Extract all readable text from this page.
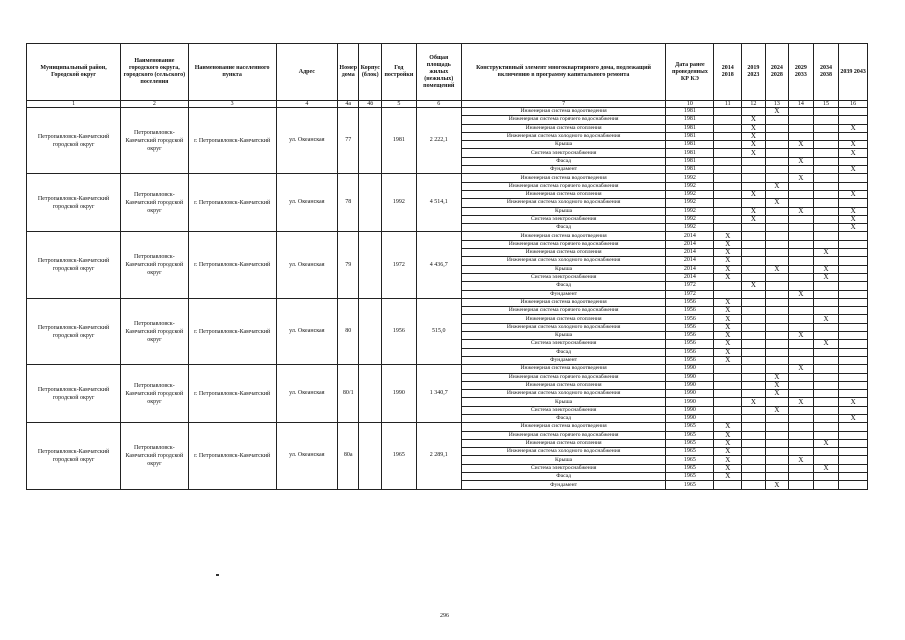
Муниципальный район, Городской округ	Наименование городского округа, городского (сельского) поселения	Наименование населенного пункта	Адрес	Номер дома	Корпус (блок)	Год постройки	Общая площадь жилых (нежилых) помещений	Конструктивный элемент многоквартирного дома, подлежащий включению в программу капитального ремонта	Дата ранее проведенных КР КЭ	2014 2018	2019 2023	2024 2028	2029 2033	2034 2038	2039 2043
1	2	3	4	4а	4б	5	6	7	10	11	12	13	14	15	16
Петропавловск-Камчатский городской округ	Петропавловск-Камчатский городской округ	г. Петропавловск-Камчатский	ул. Океанская	77		1981	2 222,1	Инженерная система водоотведения	1981			X			
								Инженерная система горячего водоснабжения	1981		X				
								Инженерная система отопления	1981		X				X
								Инженерная система холодного водоснабжения	1981		X				
								Крыша	1981		X		X		X
								Система электроснабжения	1981		X				X
								Фасад	1981				X		
								Фундамент	1981						X
Петропавловск-Камчатский городской округ	Петропавловск-Камчатский городской округ	г. Петропавловск-Камчатский	ул. Океанская	78		1992	4 514,1	Инженерная система водоотведения	1992				X		
								Инженерная система горячего водоснабжения	1992			X			
								Инженерная система отопления	1992		X				X
								Инженерная система холодного водоснабжения	1992			X			
								Крыша	1992		X		X		X
								Система электроснабжения	1992		X				X
								Фасад	1992						X
Петропавловск-Камчатский городской округ	Петропавловск-Камчатский городской округ	г. Петропавловск-Камчатский	ул. Океанская	79		1972	4 436,7	Инженерная система водоотведения	2014	X					
								Инженерная система горячего водоснабжения	2014	X					
								Инженерная система отопления	2014	X				X	
								Инженерная система холодного водоснабжения	2014	X					
								Крыша	2014	X		X		X	
								Система электроснабжения	2014	X				X	
								Фасад	1972		X				
								Фундамент	1972				X		
Петропавловск-Камчатский городской округ	Петропавловск-Камчатский городской округ	г. Петропавловск-Камчатский	ул. Океанская	80		1956	515,0	Инженерная система водоотведения	1956	X					
								Инженерная система горячего водоснабжения	1956	X					
								Инженерная система отопления	1956	X				X	
								Инженерная система холодного водоснабжения	1956	X					
								Крыша	1956	X			X		
								Система электроснабжения	1956	X				X	
								Фасад	1956	X					
								Фундамент	1956	X					
Петропавловск-Камчатский городской округ	Петропавловск-Камчатский городской округ	г. Петропавловск-Камчатский	ул. Океанская	80/1		1990	1 340,7	Инженерная система водоотведения	1990				X		
								Инженерная система горячего водоснабжения	1990			X			
								Инженерная система отопления	1990			X			
								Инженерная система холодного водоснабжения	1990			X			
								Крыша	1990		X		X		X
								Система электроснабжения	1990			X			
								Фасад	1990						X
Петропавловск-Камчатский городской округ	Петропавловск-Камчатский городской округ	г. Петропавловск-Камчатский	ул. Океанская	80а		1965	2 289,1	Инженерная система водоотведения	1965	X					
								Инженерная система горячего водоснабжения	1965	X					
								Инженерная система отопления	1965	X				X	
								Инженерная система холодного водоснабжения	1965	X					
								Крыша	1965	X			X		
								Система электроснабжения	1965	X				X	
								Фасад	1965	X					
								Фундамент	1965			X			
296
